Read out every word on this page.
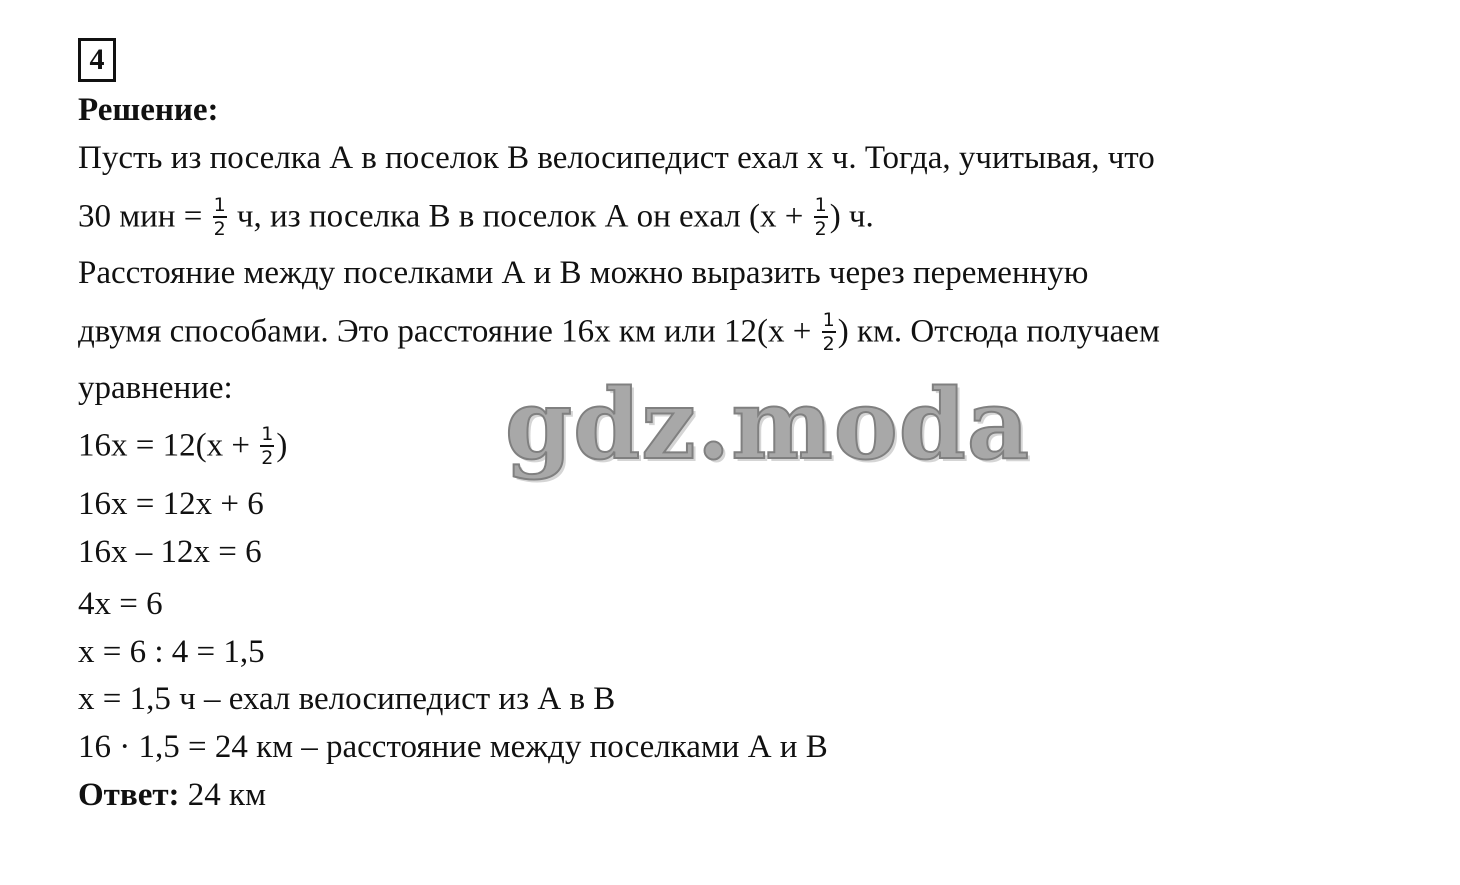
4
Решение:
Пусть из поселка А в поселок В велосипедист ехал x ч. Тогда, учитывая, что
30 мин = $\frac{1}{2} ч$, из поселка В в поселок А он ехал ($x + \frac{1}{2}$ ) ч.
Расстояние между поселками А и В можно выразить через переменную
двумя способами. Это расстояние 16x км или $12(x + \frac{1}{2}$ ) км. Отсюда получаем
уравнение:
$16x = 12(x + \frac{1}{2}$ )
16x = 12x + 6
16x – 12x = 6
4x = 6
x = 6 : 4 = 1,5
x = 1,5 ч – ехал велосипедист из А в В
16 · 1,5 = 24 км – расстояние между поселками А и В
Ответ: 24 км
gdz.moda
